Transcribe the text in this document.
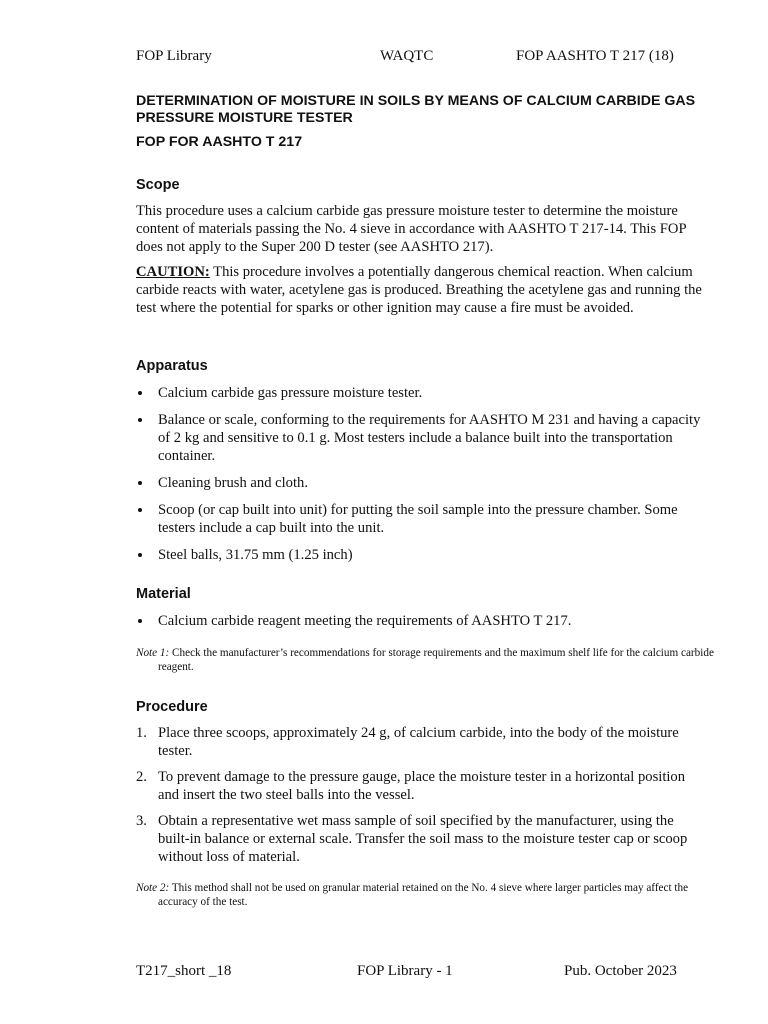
FOP Library	WAQTC	FOP AASHTO T 217 (18)
DETERMINATION OF MOISTURE IN SOILS BY MEANS OF CALCIUM CARBIDE GAS PRESSURE MOISTURE TESTER
FOP FOR AASHTO T 217
Scope

This procedure uses a calcium carbide gas pressure moisture tester to determine the moisture content of materials passing the No. 4 sieve in accordance with AASHTO T 217-14. This FOP does not apply to the Super 200 D tester (see AASHTO 217).

CAUTION: This procedure involves a potentially dangerous chemical reaction. When calcium carbide reacts with water, acetylene gas is produced. Breathing the acetylene gas and running the test where the potential for sparks or other ignition may cause a fire must be avoided.

Apparatus
Calcium carbide gas pressure moisture tester.
Balance or scale, conforming to the requirements for AASHTO M 231 and having a capacity of 2 kg and sensitive to 0.1 g. Most testers include a balance built into the transportation container.
Cleaning brush and cloth.
Scoop (or cap built into unit) for putting the soil sample into the pressure chamber. Some testers include a cap built into the unit.
Steel balls, 31.75 mm (1.25 inch)
Material
Calcium carbide reagent meeting the requirements of AASHTO T 217.

Note 1: Check the manufacturer’s recommendations for storage requirements and the maximum shelf life for the calcium carbide reagent.

Procedure
1. Place three scoops, approximately 24 g, of calcium carbide, into the body of the moisture tester.
2. To prevent damage to the pressure gauge, place the moisture tester in a horizontal position and insert the two steel balls into the vessel.
3. Obtain a representative wet mass sample of soil specified by the manufacturer, using the built-in balance or external scale. Transfer the soil mass to the moisture tester cap or scoop without loss of material.

Note 2: This method shall not be used on granular material retained on the No. 4 sieve where larger particles may affect the accuracy of the test.

T217_short _18	FOP Library - 1	Pub. October 2023
